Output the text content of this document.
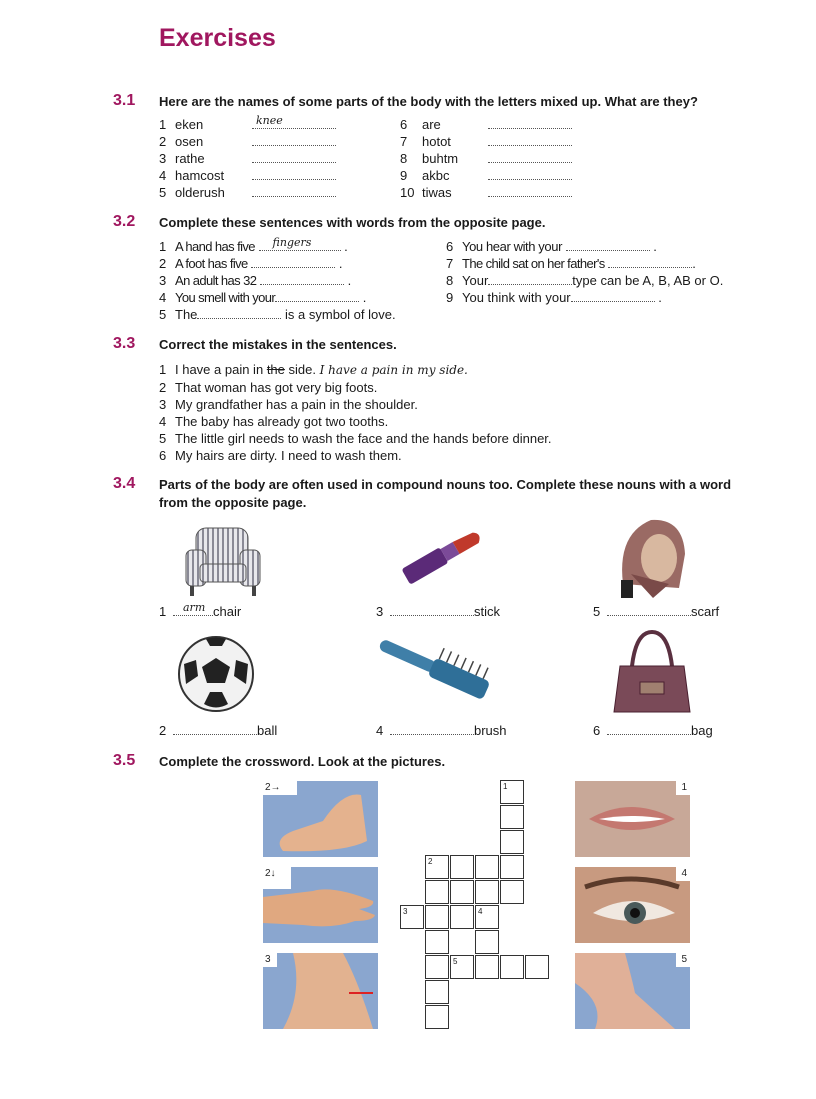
Exercises
3.1 Here are the names of some parts of the body with the letters mixed up. What are they?
1 eken	knee
2 osen
3 rathe
4 hamcost
5 olderush
6 are
7 hotot
8 buhtm
9 akbc
10 tiwas
3.2 Complete these sentences with words from the opposite page.
1 A hand has five fingers	.
2 A foot has five	.
3 An adult has 32	.
4 You smell with your	.
5 The	is a symbol of love.
6 You hear with your	.
7 The child sat on her father's	.
8 Your	type can be A, B, AB or O.
9 You think with your	.
3.3 Correct the mistakes in the sentences.
1 I have a pain in the side. I have a pain in my side.
2 That woman has got very big foots.
3 My grandfather has a pain in the shoulder.
4 The baby has already got two tooths.
5 The little girl needs to wash the face and the hands before dinner.
6 My hairs are dirty. I need to wash them.
3.4 Parts of the body are often used in compound nouns too. Complete these nouns with a word
from the opposite page.
1 arm chair	3	stick	5	scarf
2	ball	4	brush	6	bag
3.5 Complete the crossword. Look at the pictures.
2→
2↓
3
1
4
5
1
2
3	4
5
